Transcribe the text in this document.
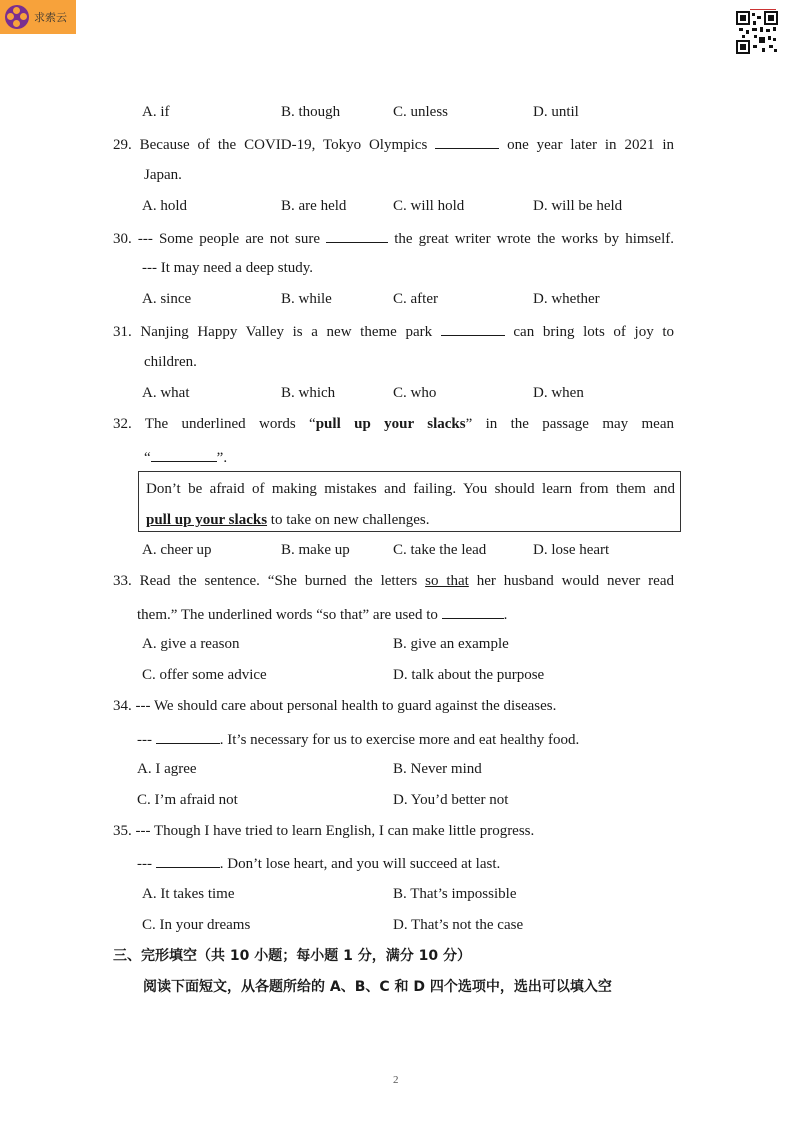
求索云
A. if	B. though	C. unless	D. until
29. Because of the COVID-19, Tokyo Olympics	one year later in 2021 in
Japan.
A. hold	B. are held	C. will hold	D. will be held
30. --- Some people are not sure	the great writer wrote the works by himself.
--- It may need a deep study.
A. since	B. while	C. after	D. whether
31. Nanjing Happy Valley is a new theme park	can bring lots of joy to
children.
A. what	B. which	C. who	D. when
32. The underlined words “pull up your slacks” in the passage may mean
“	”.
Don’t be afraid of making mistakes and failing. You should learn from them and
pull up your slacks to take on new challenges.
A. cheer up	B. make up	C. take the lead	D. lose heart
33. Read the sentence. “She burned the letters so that her husband would never read
them.” The underlined words “so that” are used to	.
A. give a reason	B. give an example
C. offer some advice	D. talk about the purpose
34. --- We should care about personal health to guard against the diseases.
---	. It’s necessary for us to exercise more and eat healthy food.
A. I agree	B. Never mind
C. I’m afraid not	D. You’d better not
35. --- Though I have tried to learn English, I can make little progress.
---	. Don’t lose heart, and you will succeed at last.
A. It takes time	B. That’s impossible
C. In your dreams	D. That’s not the case
三、完形填空（共 10 小题；每小题 1 分，满分 10 分）
阅读下面短文，从各题所给的 A、B、C 和 D 四个选项中，选出可以填入空
2
